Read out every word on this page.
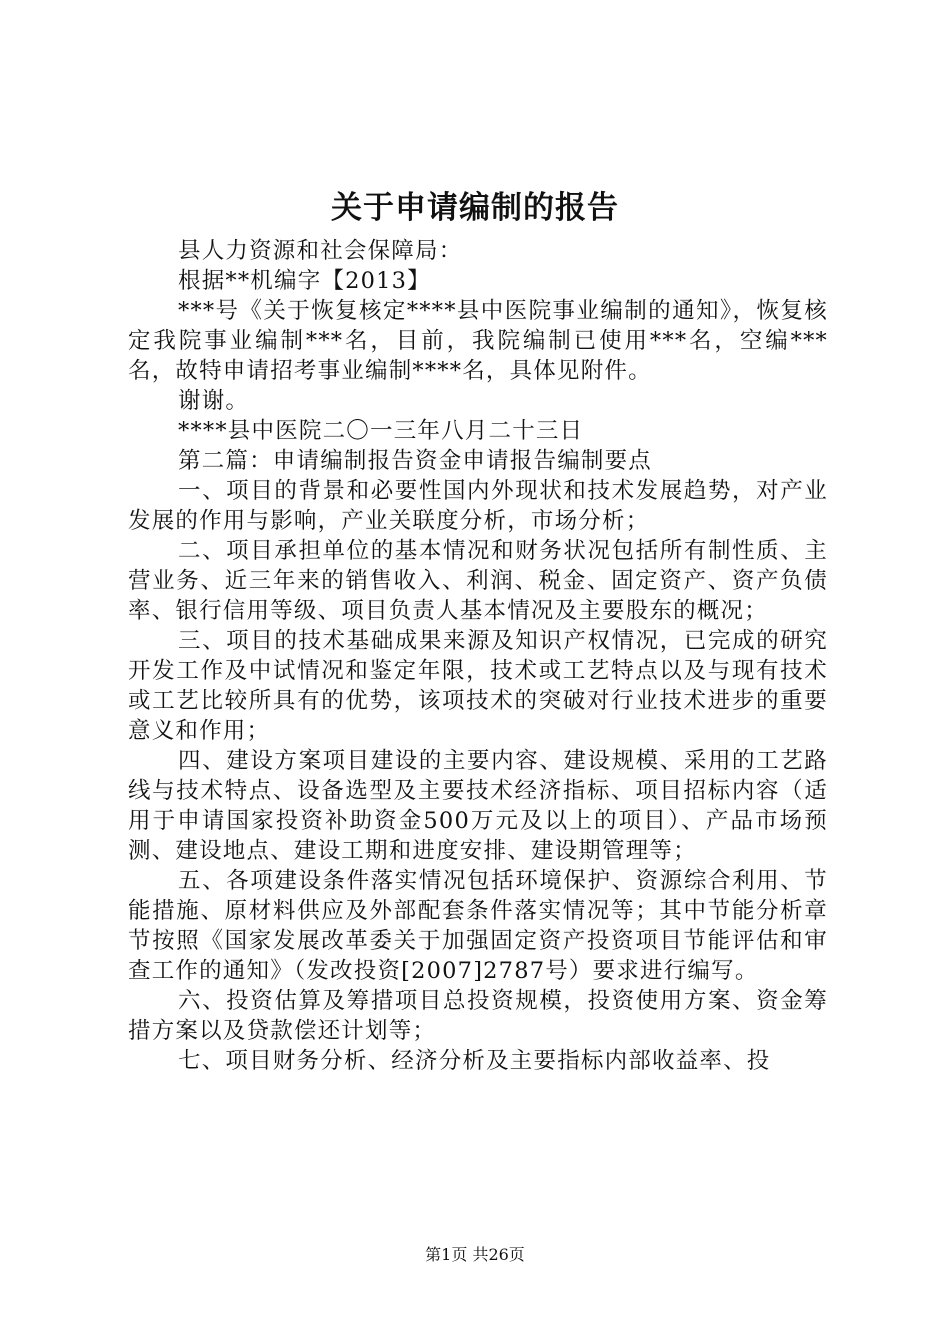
关于申请编制的报告

县人力资源和社会保障局：

根据**机编字【2013】

***号《关于恢复核定****县中医院事业编制的通知》，恢复核定我院事业编制***名，目前，我院编制已使用***名，空编***名，故特申请招考事业编制****名，具体见附件。

谢谢。

****县中医院二〇一三年八月二十三日

第二篇：申请编制报告资金申请报告编制要点

一、项目的背景和必要性国内外现状和技术发展趋势，对产业发展的作用与影响，产业关联度分析，市场分析；

二、项目承担单位的基本情况和财务状况包括所有制性质、主营业务、近三年来的销售收入、利润、税金、固定资产、资产负债率、银行信用等级、项目负责人基本情况及主要股东的概况；

三、项目的技术基础成果来源及知识产权情况，已完成的研究开发工作及中试情况和鉴定年限，技术或工艺特点以及与现有技术或工艺比较所具有的优势，该项技术的突破对行业技术进步的重要意义和作用；

四、建设方案项目建设的主要内容、建设规模、采用的工艺路线与技术特点、设备选型及主要技术经济指标、项目招标内容（适用于申请国家投资补助资金500万元及以上的项目）、产品市场预测、建设地点、建设工期和进度安排、建设期管理等；

五、各项建设条件落实情况包括环境保护、资源综合利用、节能措施、原材料供应及外部配套条件落实情况等；其中节能分析章节按照《国家发展改革委关于加强固定资产投资项目节能评估和审查工作的通知》（发改投资[2007]2787号）要求进行编写。

六、投资估算及筹措项目总投资规模，投资使用方案、资金筹措方案以及贷款偿还计划等；

七、项目财务分析、经济分析及主要指标内部收益率、投

第1页 共26页
